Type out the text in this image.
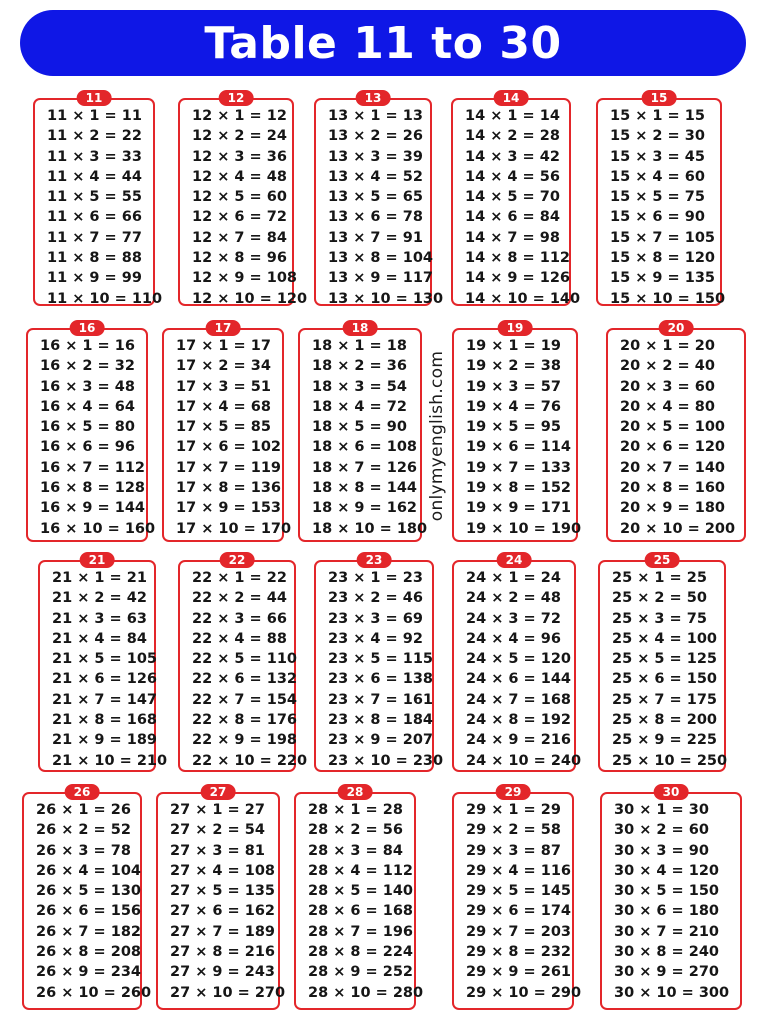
Table 11 to 30
onlymyenglish.com
11
11 × 1 = 11
11 × 2 = 22
11 × 3 = 33
11 × 4 = 44
11 × 5 = 55
11 × 6 = 66
11 × 7 = 77
11 × 8 = 88
11 × 9 = 99
11 × 10 = 110
12
12 × 1 = 12
12 × 2 = 24
12 × 3 = 36
12 × 4 = 48
12 × 5 = 60
12 × 6 = 72
12 × 7 = 84
12 × 8 = 96
12 × 9 = 108
12 × 10 = 120
13
13 × 1 = 13
13 × 2 = 26
13 × 3 = 39
13 × 4 = 52
13 × 5 = 65
13 × 6 = 78
13 × 7 = 91
13 × 8 = 104
13 × 9 = 117
13 × 10 = 130
14
14 × 1 = 14
14 × 2 = 28
14 × 3 = 42
14 × 4 = 56
14 × 5 = 70
14 × 6 = 84
14 × 7 = 98
14 × 8 = 112
14 × 9 = 126
14 × 10 = 140
15
15 × 1 = 15
15 × 2 = 30
15 × 3 = 45
15 × 4 = 60
15 × 5 = 75
15 × 6 = 90
15 × 7 = 105
15 × 8 = 120
15 × 9 = 135
15 × 10 = 150
16
16 × 1 = 16
16 × 2 = 32
16 × 3 = 48
16 × 4 = 64
16 × 5 = 80
16 × 6 = 96
16 × 7 = 112
16 × 8 = 128
16 × 9 = 144
16 × 10 = 160
17
17 × 1 = 17
17 × 2 = 34
17 × 3 = 51
17 × 4 = 68
17 × 5 = 85
17 × 6 = 102
17 × 7 = 119
17 × 8 = 136
17 × 9 = 153
17 × 10 = 170
18
18 × 1 = 18
18 × 2 = 36
18 × 3 = 54
18 × 4 = 72
18 × 5 = 90
18 × 6 = 108
18 × 7 = 126
18 × 8 = 144
18 × 9 = 162
18 × 10 = 180
19
19 × 1 = 19
19 × 2 = 38
19 × 3 = 57
19 × 4 = 76
19 × 5 = 95
19 × 6 = 114
19 × 7 = 133
19 × 8 = 152
19 × 9 = 171
19 × 10 = 190
20
20 × 1 = 20
20 × 2 = 40
20 × 3 = 60
20 × 4 = 80
20 × 5 = 100
20 × 6 = 120
20 × 7 = 140
20 × 8 = 160
20 × 9 = 180
20 × 10 = 200
21
21 × 1 = 21
21 × 2 = 42
21 × 3 = 63
21 × 4 = 84
21 × 5 = 105
21 × 6 = 126
21 × 7 = 147
21 × 8 = 168
21 × 9 = 189
21 × 10 = 210
22
22 × 1 = 22
22 × 2 = 44
22 × 3 = 66
22 × 4 = 88
22 × 5 = 110
22 × 6 = 132
22 × 7 = 154
22 × 8 = 176
22 × 9 = 198
22 × 10 = 220
23
23 × 1 = 23
23 × 2 = 46
23 × 3 = 69
23 × 4 = 92
23 × 5 = 115
23 × 6 = 138
23 × 7 = 161
23 × 8 = 184
23 × 9 = 207
23 × 10 = 230
24
24 × 1 = 24
24 × 2 = 48
24 × 3 = 72
24 × 4 = 96
24 × 5 = 120
24 × 6 = 144
24 × 7 = 168
24 × 8 = 192
24 × 9 = 216
24 × 10 = 240
25
25 × 1 = 25
25 × 2 = 50
25 × 3 = 75
25 × 4 = 100
25 × 5 = 125
25 × 6 = 150
25 × 7 = 175
25 × 8 = 200
25 × 9 = 225
25 × 10 = 250
26
26 × 1 = 26
26 × 2 = 52
26 × 3 = 78
26 × 4 = 104
26 × 5 = 130
26 × 6 = 156
26 × 7 = 182
26 × 8 = 208
26 × 9 = 234
26 × 10 = 260
27
27 × 1 = 27
27 × 2 = 54
27 × 3 = 81
27 × 4 = 108
27 × 5 = 135
27 × 6 = 162
27 × 7 = 189
27 × 8 = 216
27 × 9 = 243
27 × 10 = 270
28
28 × 1 = 28
28 × 2 = 56
28 × 3 = 84
28 × 4 = 112
28 × 5 = 140
28 × 6 = 168
28 × 7 = 196
28 × 8 = 224
28 × 9 = 252
28 × 10 = 280
29
29 × 1 = 29
29 × 2 = 58
29 × 3 = 87
29 × 4 = 116
29 × 5 = 145
29 × 6 = 174
29 × 7 = 203
29 × 8 = 232
29 × 9 = 261
29 × 10 = 290
30
30 × 1 = 30
30 × 2 = 60
30 × 3 = 90
30 × 4 = 120
30 × 5 = 150
30 × 6 = 180
30 × 7 = 210
30 × 8 = 240
30 × 9 = 270
30 × 10 = 300
